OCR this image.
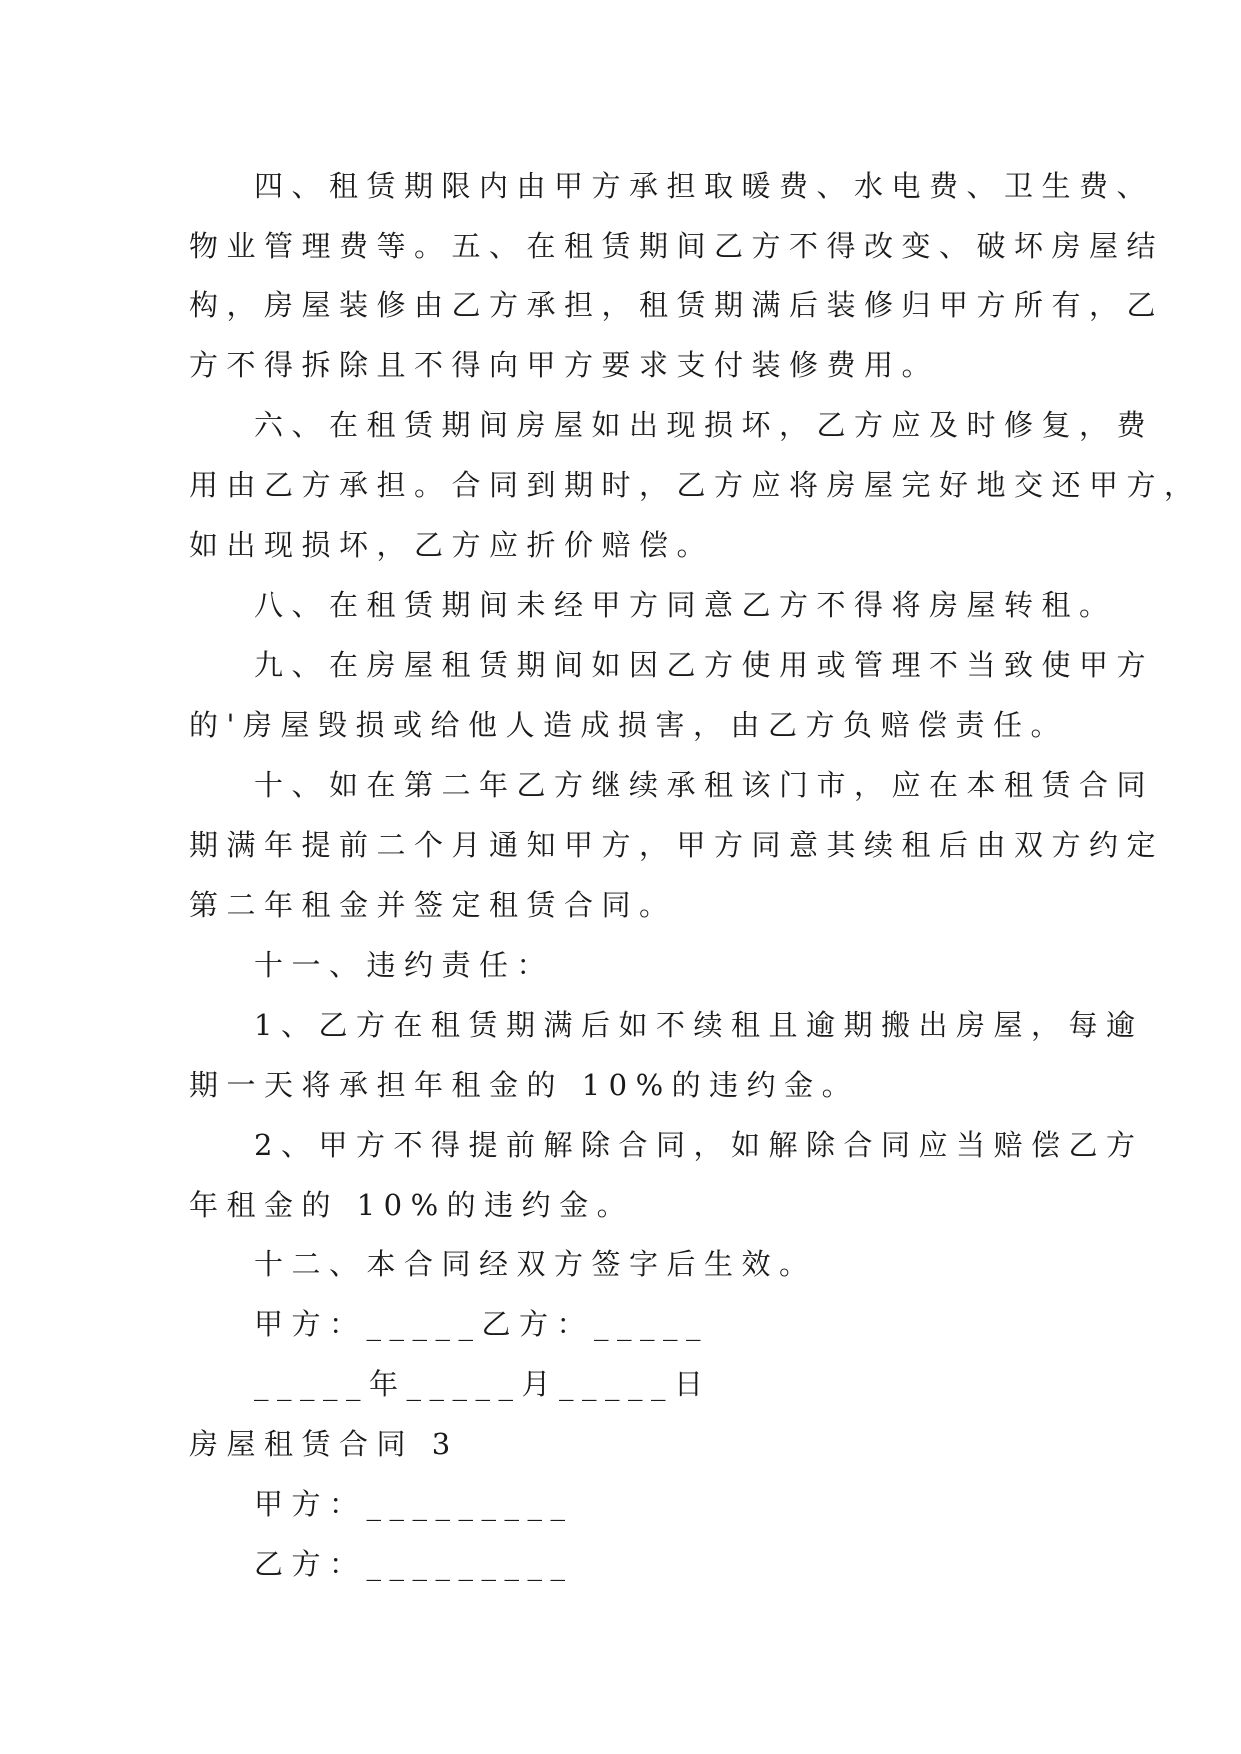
四、租赁期限内由甲方承担取暖费、水电费、卫生费、

物业管理费等。五、在租赁期间乙方不得改变、破坏房屋结

构，房屋装修由乙方承担，租赁期满后装修归甲方所有，乙

方不得拆除且不得向甲方要求支付装修费用。

六、在租赁期间房屋如出现损坏，乙方应及时修复，费

用由乙方承担。合同到期时，乙方应将房屋完好地交还甲方，

如出现损坏，乙方应折价赔偿。

八、在租赁期间未经甲方同意乙方不得将房屋转租。

九、在房屋租赁期间如因乙方使用或管理不当致使甲方

的'房屋毁损或给他人造成损害，由乙方负赔偿责任。

十、如在第二年乙方继续承租该门市，应在本租赁合同

期满年提前二个月通知甲方，甲方同意其续租后由双方约定

第二年租金并签定租赁合同。

十一、违约责任：

1、乙方在租赁期满后如不续租且逾期搬出房屋，每逾

期一天将承担年租金的 10%的违约金。

2、甲方不得提前解除合同，如解除合同应当赔偿乙方

年租金的 10%的违约金。

十二、本合同经双方签字后生效。

甲方：_____乙方：_____

_____年_____月_____日

房屋租赁合同 3

甲方：_________

乙方：_________
